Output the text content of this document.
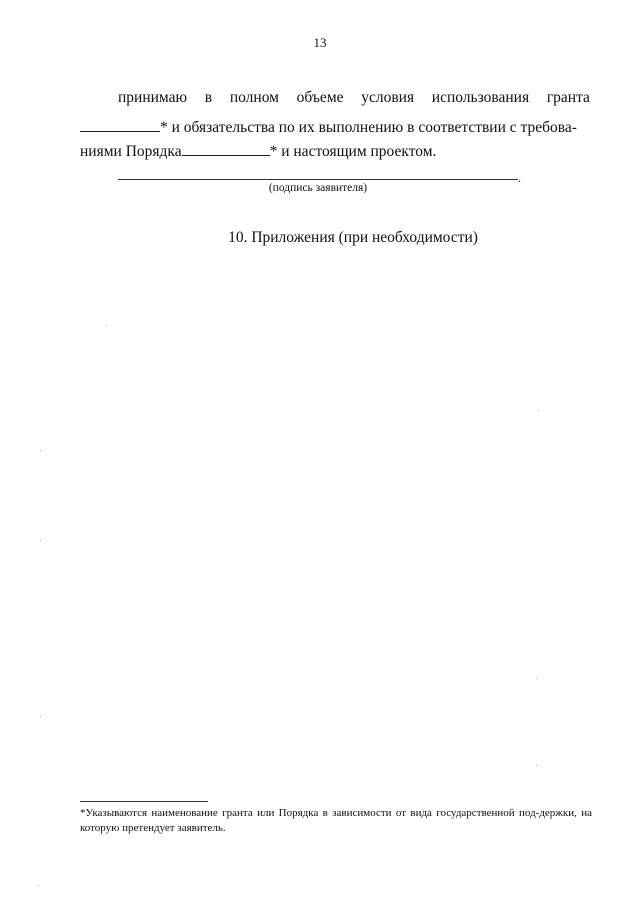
13
принимаю в полном объеме условия использования гранта
* и обязательства по их выполнению в соответствии с требова-
ниями Порядка	* и настоящим проектом.
.
(подпись заявителя)
10. Приложения (при необходимости)
*Указываются наименование гранта или Порядка в зависимости от вида государственной под-держки, на которую претендует заявитель.
